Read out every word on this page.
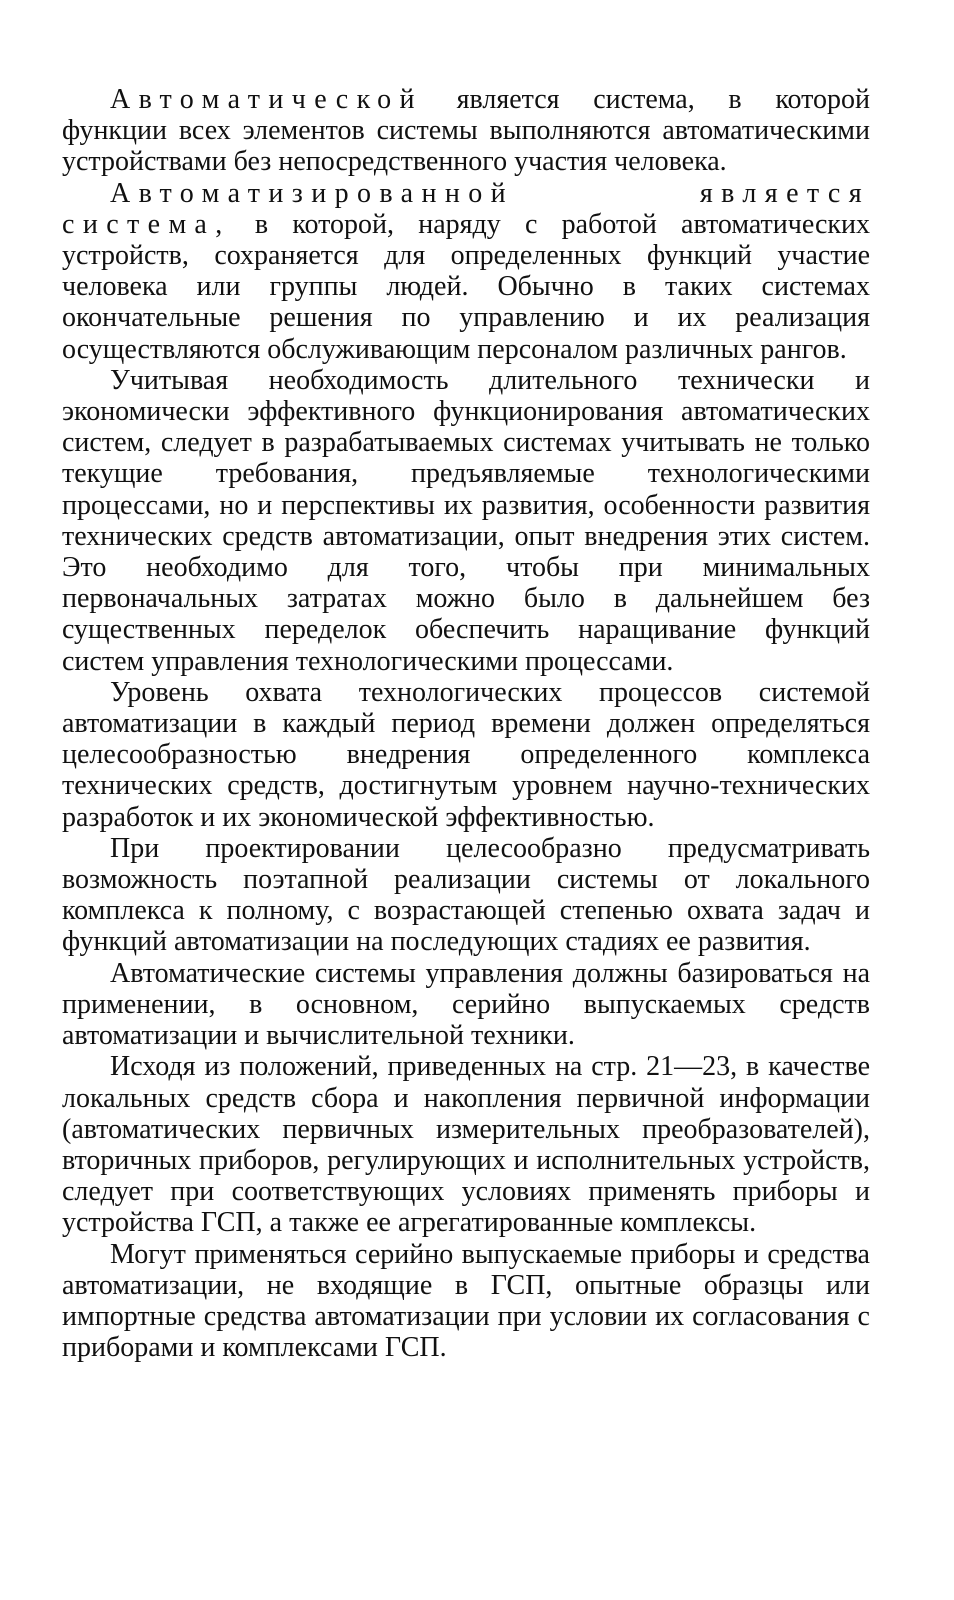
Автоматической является система, в которой функции всех элементов системы выполняются автоматическими устройствами без непосредственного участия человека.

Автоматизированной является система, в которой, наряду с работой автоматических устройств, сохраняется для определенных функций участие человека или группы людей. Обычно в таких системах окончательные решения по управлению и их реализация осуществляются обслуживающим персоналом различных рангов.

Учитывая необходимость длительного технически и экономически эффективного функционирования автоматических систем, следует в разрабатываемых системах учитывать не только текущие требования, предъявляемые технологическими процессами, но и перспективы их развития, особенности развития технических средств автоматизации, опыт внедрения этих систем. Это необходимо для того, чтобы при минимальных первоначальных затратах можно было в дальнейшем без существенных переделок обеспечить наращивание функций систем управления технологическими процессами.

Уровень охвата технологических процессов системой автоматизации в каждый период времени должен определяться целесообразностью внедрения определенного комплекса технических средств, достигнутым уровнем научно-технических разработок и их экономической эффективностью.

При проектировании целесообразно предусматривать возможность поэтапной реализации системы от локального комплекса к полному, с возрастающей степенью охвата задач и функций автоматизации на последующих стадиях ее развития.

Автоматические системы управления должны базироваться на применении, в основном, серийно выпускаемых средств автоматизации и вычислительной техники.

Исходя из положений, приведенных на стр. 21—23, в качестве локальных средств сбора и накопления первичной информации (автоматических первичных измерительных преобразователей), вторичных приборов, регулирующих и исполнительных устройств, следует при соответствующих условиях применять приборы и устройства ГСП, а также ее агрегатированные комплексы.

Могут применяться серийно выпускаемые приборы и средства автоматизации, не входящие в ГСП, опытные образцы или импортные средства автоматизации при условии их согласования с приборами и комплексами ГСП.
